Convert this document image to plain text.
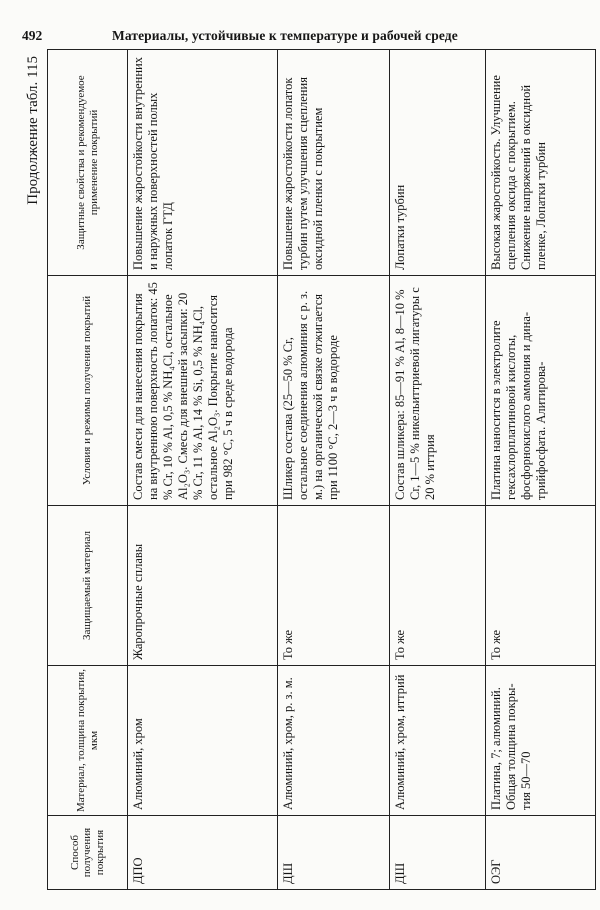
492	Материалы, устойчивые к температуре и рабочей среде
Продолжение табл. 115
Способ получения покрытия	Материал, толщина покрытия, мкм	Защищаемый материал	Условия и режимы получения покрытий	Защитные свойства и рекомендуемое применение покрытий
ДПО	Алюминий, хром	Жаропрочные сплавы	Состав смеси для нанесения покрытия на внутреннюю поверхность лопаток: 45 % Cr, 10 % Al, 0,5 % NH₄Cl, остальное Al₂O₃. Смесь для внешней засыпки: 20 % Cr, 11 % Al, 14 % Si, 0,5 % NH₄Cl, остальное Al₂O₃. Покрытие наносится при 982 °C, 5 ч в среде водорода	Повышение жаростойкости внутренних и наружных поверхностей полых лопаток ГТД
ДШ	Алюминий, хром, р. з. м.	То же	Шликер состава (25—50 % Cr, остальное соединения алюминия с р. з. м.) на органической связке отжигается при 1100 °C, 2—3 ч в водороде	Повышение жаростойкости лопаток турбин путем улучшения сцепления оксидной пленки с покрытием
ДШ	Алюминий, хром, иттрий	То же	Состав шликера: 85—91 % Al, 8—10 % Cr, 1—5 % никельиттриевой лигатуры с 20 % иттрия	Лопатки турбин
ОЭГ	Платина, 7; алюминий. Общая толщина покрытия 50—70	То же	Платина наносится в электролите гексахлорплатиновой кислоты, фосфорнокислого аммония и динатрийфосфата. Алитирова-	Высокая жаростойкость. Улучшение сцепления оксида с покрытием. Снижение напряжений в оксидной пленке, Лопатки турбин
